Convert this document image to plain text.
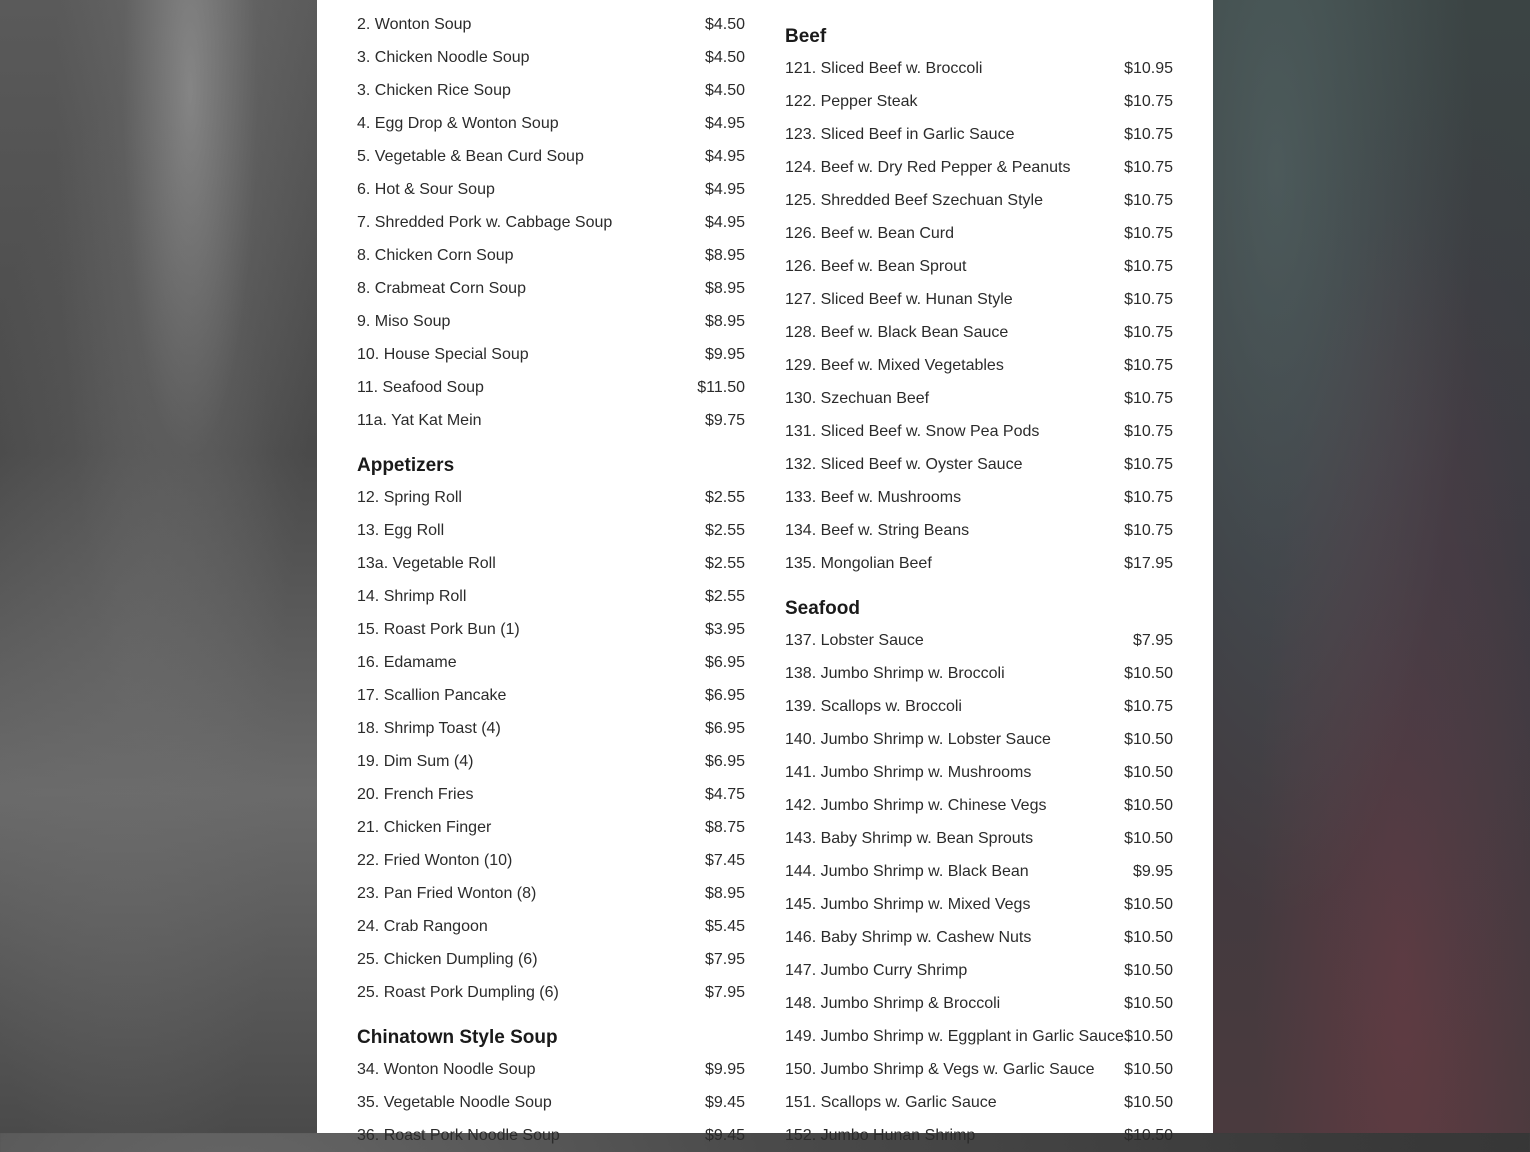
2. Wonton Soup	$4.50
3. Chicken Noodle Soup	$4.50
3. Chicken Rice Soup	$4.50
4. Egg Drop & Wonton Soup	$4.95
5. Vegetable & Bean Curd Soup	$4.95
6. Hot & Sour Soup	$4.95
7. Shredded Pork w. Cabbage Soup	$4.95
8. Chicken Corn Soup	$8.95
8. Crabmeat Corn Soup	$8.95
9. Miso Soup	$8.95
10. House Special Soup	$9.95
11. Seafood Soup	$11.50
11a. Yat Kat Mein	$9.75
Appetizers
12. Spring Roll	$2.55
13. Egg Roll	$2.55
13a. Vegetable Roll	$2.55
14. Shrimp Roll	$2.55
15. Roast Pork Bun (1)	$3.95
16. Edamame	$6.95
17. Scallion Pancake	$6.95
18. Shrimp Toast (4)	$6.95
19. Dim Sum (4)	$6.95
20. French Fries	$4.75
21. Chicken Finger	$8.75
22. Fried Wonton (10)	$7.45
23. Pan Fried Wonton (8)	$8.95
24. Crab Rangoon	$5.45
25. Chicken Dumpling (6)	$7.95
25. Roast Pork Dumpling (6)	$7.95
Chinatown Style Soup
34. Wonton Noodle Soup	$9.95
35. Vegetable Noodle Soup	$9.45
36. Roast Pork Noodle Soup	$9.45
Beef
121. Sliced Beef w. Broccoli	$10.95
122. Pepper Steak	$10.75
123. Sliced Beef in Garlic Sauce	$10.75
124. Beef w. Dry Red Pepper & Peanuts	$10.75
125. Shredded Beef Szechuan Style	$10.75
126. Beef w. Bean Curd	$10.75
126. Beef w. Bean Sprout	$10.75
127. Sliced Beef w. Hunan Style	$10.75
128. Beef w. Black Bean Sauce	$10.75
129. Beef w. Mixed Vegetables	$10.75
130. Szechuan Beef	$10.75
131. Sliced Beef w. Snow Pea Pods	$10.75
132. Sliced Beef w. Oyster Sauce	$10.75
133. Beef w. Mushrooms	$10.75
134. Beef w. String Beans	$10.75
135. Mongolian Beef	$17.95
Seafood
137. Lobster Sauce	$7.95
138. Jumbo Shrimp w. Broccoli	$10.50
139. Scallops w. Broccoli	$10.75
140. Jumbo Shrimp w. Lobster Sauce	$10.50
141. Jumbo Shrimp w. Mushrooms	$10.50
142. Jumbo Shrimp w. Chinese Vegs	$10.50
143. Baby Shrimp w. Bean Sprouts	$10.50
144. Jumbo Shrimp w. Black Bean	$9.95
145. Jumbo Shrimp w. Mixed Vegs	$10.50
146. Baby Shrimp w. Cashew Nuts	$10.50
147. Jumbo Curry Shrimp	$10.50
148. Jumbo Shrimp & Broccoli	$10.50
149. Jumbo Shrimp w. Eggplant in Garlic Sauce $10.50
150. Jumbo Shrimp & Vegs w. Garlic Sauce $10.50
151. Scallops w. Garlic Sauce	$10.50
152. Jumbo Hunan Shrimp	$10.50
